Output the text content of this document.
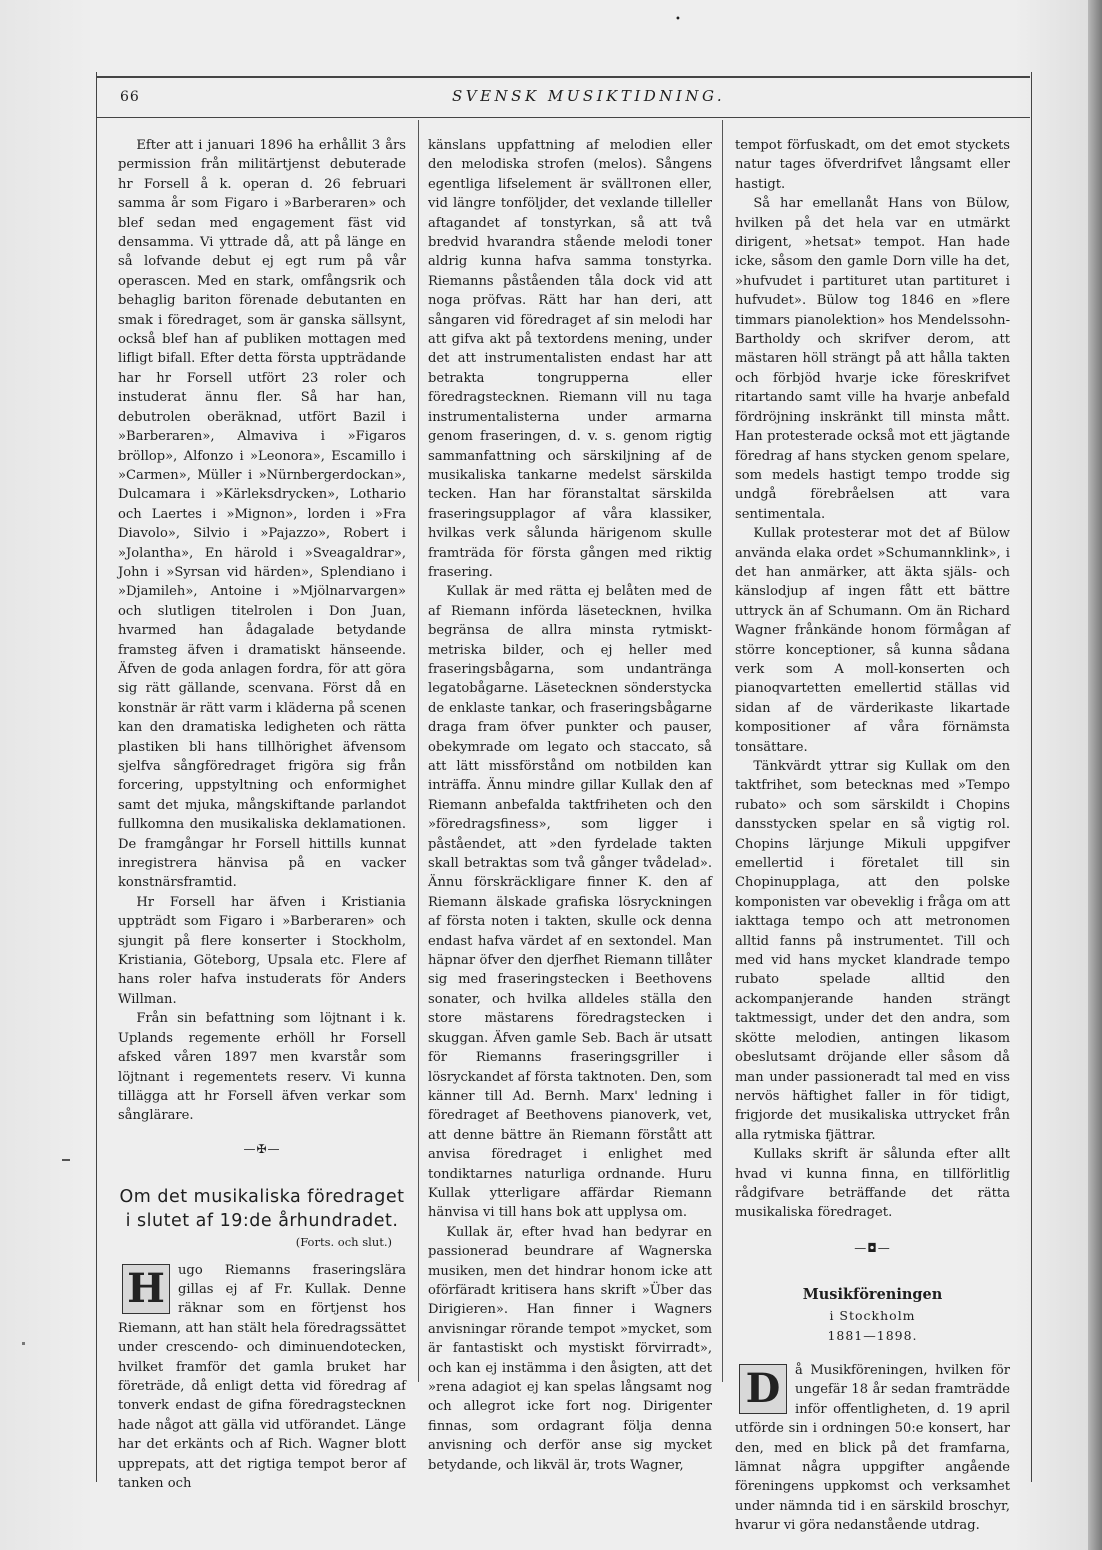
•
66	SVENSK MUSIKTIDNING.

Efter att i januari 1896 ha erhållit 3 års permission från militärtjenst debuterade hr Forsell å k. operan d. 26 februari samma år som Figaro i »Barberaren» och blef sedan med engagement fäst vid densamma. Vi yttrade då, att på länge en så lofvande debut ej egt rum på vår operascen. Med en stark, omfångsrik och behaglig bariton förenade debutanten en smak i föredraget, som är ganska sällsynt, också blef han af publiken mottagen med lifligt bifall. Efter detta första uppträdande har hr Forsell utfört 23 roler och instuderat ännu fler. Så har han, debutrolen oberäknad, utfört Bazil i »Barberaren», Almaviva i »Figaros bröllop», Alfonzo i »Leonora», Escamillo i »Carmen», Müller i »Nürnbergerdockan», Dulcamara i »Kärleksdrycken», Lothario och Laertes i »Mignon», lorden i »Fra Diavolo», Silvio i »Pajazzo», Robert i »Jolantha», En härold i »Sveagaldrar», John i »Syrsan vid härden», Splendiano i »Djamileh», Antoine i »Mjölnarvargen» och slutligen titelrolen i Don Juan, hvarmed han ådagalade betydande framsteg äfven i dramatiskt hänseende. Äfven de goda anlagen fordra, för att göra sig rätt gällande, scenvana. Först då en konstnär är rätt varm i kläderna på scenen kan den dramatiska ledigheten och rätta plastiken bli hans tillhörighet äfvensom sjelfva sångföredraget frigöra sig från forcering, uppstyltning och enformighet samt det mjuka, mångskiftande parlandot fullkomna den musikaliska deklamationen. De framgångar hr Forsell hittills kunnat inregistrera hänvisa på en vacker konstnärsframtid.

Hr Forsell har äfven i Kristiania uppträdt som Figaro i »Barberaren» och sjungit på flere konserter i Stockholm, Kristiania, Göteborg, Upsala etc. Flere af hans roler hafva instuderats för Anders Willman.

Från sin befattning som löjtnant i k. Uplands regemente erhöll hr Forsell afsked våren 1897 men kvarstår som löjtnant i regementets reserv. Vi kunna tillägga att hr Forsell äfven verkar som sånglärare.

—✠—
Om det musikaliska föredraget
i slutet af 19:de århundradet.
(Forts. och slut.)

H	ugo Riemanns fraseringslära gillas ej af Fr. Kullak. Denne räknar som en förtjenst hos Riemann, att han stält hela föredragssättet under crescendo- och diminuendotecken, hvilket framför det gamla bruket har företräde, då enligt detta vid föredrag af tonverk endast de gifna föredragstecknen hade något att gälla vid utförandet. Länge har det erkänts och af Rich. Wagner blott upprepats, att det rigtiga tempot beror af tanken och

känslans uppfattning af melodien eller den melodiska strofen (melos). Sångens egentliga lifselement är svällтonen eller, vid längre tonföljder, det vexlande tilleller aftagandet af tonstyrkan, så att två bredvid hvarandra stående melodi toner aldrig kunna hafva samma tonstyrka. Riemanns påståenden tåla dock vid att noga pröfvas. Rätt har han deri, att sångaren vid föredraget af sin melodi har att gifva akt på textordens mening, under det att instrumentalisten endast har att betrakta tongrupperna eller föredragstecknen. Riemann vill nu taga instrumentalisterna under armarna genom fraseringen, d. v. s. genom rigtig sammanfattning och särskiljning af de musikaliska tankarne medelst särskilda tecken. Han har föranstaltat särskilda fraseringsupplagor af våra klassiker, hvilkas verk sålunda härigenom skulle framträda för första gången med riktig frasering.

Kullak är med rätta ej belåten med de af Riemann införda läsetecknen, hvilka begränsa de allra minsta rytmiskt-metriska bilder, och ej heller med fraseringsbågarna, som undantränga legatobågarne. Läsetecknen sönderstycka de enklaste tankar, och fraseringsbågarne draga fram öfver punkter och pauser, obekymrade om legato och staccato, så att lätt missförstånd om notbilden kan inträffa. Ännu mindre gillar Kullak den af Riemann anbefalda taktfriheten och den »föredragsfiness», som ligger i påståendet, att »den fyrdelade takten skall betraktas som två gånger tvådelad». Ännu förskräckligare finner K. den af Riemann älskade grafiska lösryckningen af första noten i takten, skulle ock denna endast hafva värdet af en sextondel. Man häpnar öfver den djerfhet Riemann tillåter sig med fraseringstecken i Beethovens sonater, och hvilka alldeles ställa den store mästarens föredragstecken i skuggan. Äfven gamle Seb. Bach är utsatt för Riemanns fraseringsgriller i lösryckandet af första taktnoten. Den, som känner till Ad. Bernh. Marx' ledning i föredraget af Beethovens pianoverk, vet, att denne bättre än Riemann förstått att anvisa föredraget i enlighet med tondiktarnes naturliga ordnande. Huru Kullak ytterligare affärdar Riemann hänvisa vi till hans bok att upplysa om.

Kullak är, efter hvad han bedyrar en passionerad beundrare af Wagnerska musiken, men det hindrar honom icke att oförfäradt kritisera hans skrift »Über das Dirigieren». Han finner i Wagners anvisningar rörande tempot »mycket, som är fantastiskt och mystiskt förvirradt», och kan ej instämma i den åsigten, att det »rena adagiot ej kan spelas långsamt nog och allegrot icke fort nog. Dirigenter finnas, som ordagrant följa denna anvisning och derför anse sig mycket betydande, och likväl är, trots Wagner,

tempot förfuskadt, om det emot styckets natur tages öfverdrifvet långsamt eller hastigt.

Så har emellanåt Hans von Bülow, hvilken på det hela var en utmärkt dirigent, »hetsat» tempot. Han hade icke, såsom den gamle Dorn ville ha det, »hufvudet i partituret utan partituret i hufvudet». Bülow tog 1846 en »flere timmars pianolektion» hos Mendelssohn-Bartholdy och skrifver derom, att mästaren höll strängt på att hålla takten och förbjöd hvarje icke föreskrifvet ritartando samt ville ha hvarje anbefald fördröjning inskränkt till minsta mått. Han protesterade också mot ett jägtande föredrag af hans stycken genom spelare, som medels hastigt tempo trodde sig undgå förebråelsen att vara sentimentala.

Kullak protesterar mot det af Bülow använda elaka ordet »Schumannklink», i det han anmärker, att äkta själs- och känslodjup af ingen fått ett bättre uttryck än af Schumann. Om än Richard Wagner frånkände honom förmågan af större konceptioner, så kunna sådana verk som A moll-konserten och pianoqvartetten emellertid ställas vid sidan af de värderikaste likartade kompositioner af våra förnämsta tonsättare.

Tänkvärdt yttrar sig Kullak om den taktfrihet, som betecknas med »Tempo rubato» och som särskildt i Chopins dansstycken spelar en så vigtig rol. Chopins lärjunge Mikuli uppgifver emellertid i företalet till sin Chopinupplaga, att den polske komponisten var obeveklig i fråga om att iakttaga tempo och att metronomen alltid fanns på instrumentet. Till och med vid hans mycket klandrade tempo rubato spelade alltid den ackompanjerande handen strängt taktmessigt, under det den andra, som skötte melodien, antingen likasom obeslutsamt dröjande eller såsom då man under passioneradt tal med en viss nervös häftighet faller in för tidigt, frigjorde det musikaliska uttrycket från alla rytmiska fjättrar.

Kullaks skrift är sålunda efter allt hvad vi kunna finna, en tillförlitlig rådgifvare beträffande det rätta musikaliska föredraget.

—◘—
Musikföreningen
i Stockholm
1881—1898.

D	å Musikföreningen, hvilken för ungefär 18 år sedan framträdde inför offentligheten, d. 19 april utförde sin i ordningen 50:e konsert, har den, med en blick på det framfarna, lämnat några uppgifter angående föreningens uppkomst och verksamhet under nämnda tid i en särskild broschyr, hvarur vi göra nedanstående utdrag.
